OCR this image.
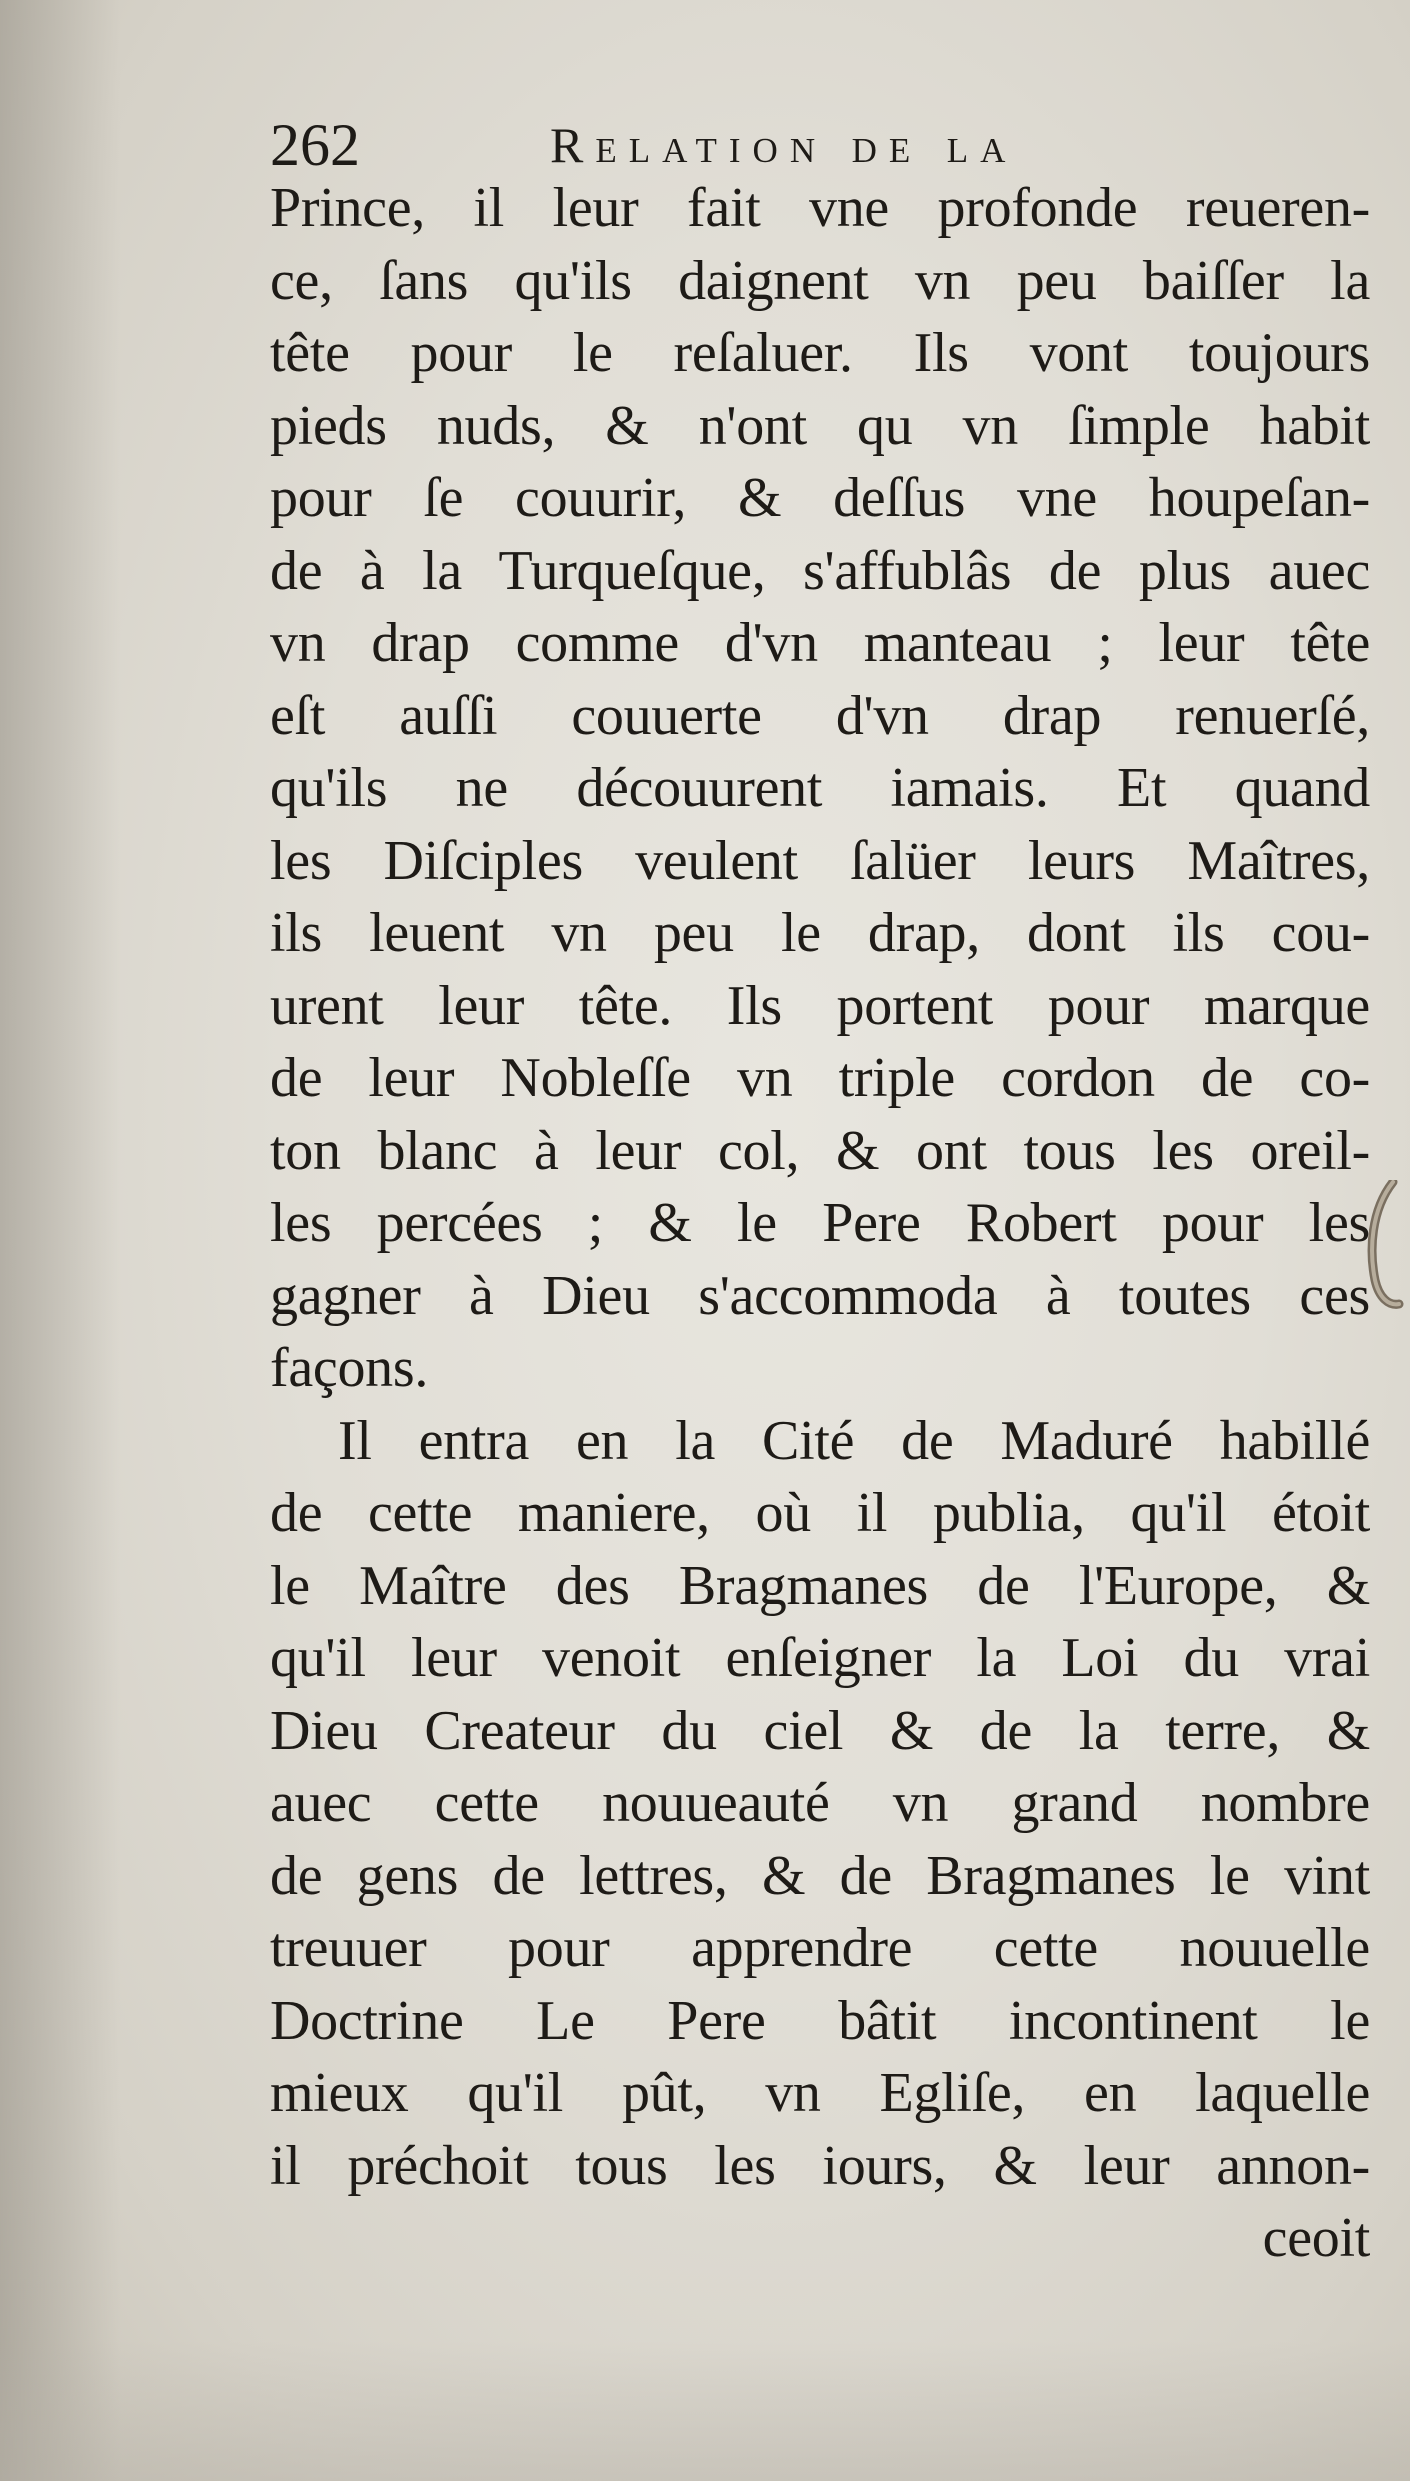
262	Relation de la
Prince, il leur fait vne profonde reueren-
ce, ſans qu'ils daignent vn peu baiſſer la
tête pour le reſaluer. Ils vont toujours
pieds nuds, & n'ont qu vn ſimple habit
pour ſe couurir, & deſſus vne houpeſan-
de à la Turqueſque, s'affublâs de plus auec
vn drap comme d'vn manteau ; leur tête
eſt auſſi couuerte d'vn drap renuerſé,
qu'ils ne découurent iamais. Et quand
les Diſciples veulent ſalüer leurs Maîtres,
ils leuent vn peu le drap, dont ils cou-
urent leur tête. Ils portent pour marque
de leur Nobleſſe vn triple cordon de co-
ton blanc à leur col, & ont tous les oreil-
les percées ; & le Pere Robert pour les
gagner à Dieu s'accommoda à toutes ces
façons.
Il entra en la Cité de Maduré habillé
de cette maniere, où il publia, qu'il étoit
le Maître des Bragmanes de l'Europe, &
qu'il leur venoit enſeigner la Loi du vrai
Dieu Createur du ciel & de la terre, &
auec cette nouueauté vn grand nombre
de gens de lettres, & de Bragmanes le vint
treuuer pour apprendre cette nouuelle
Doctrine Le Pere bâtit incontinent le
mieux qu'il pût, vn Egliſe, en laquelle
il préchoit tous les iours, & leur annon-
ceoit
